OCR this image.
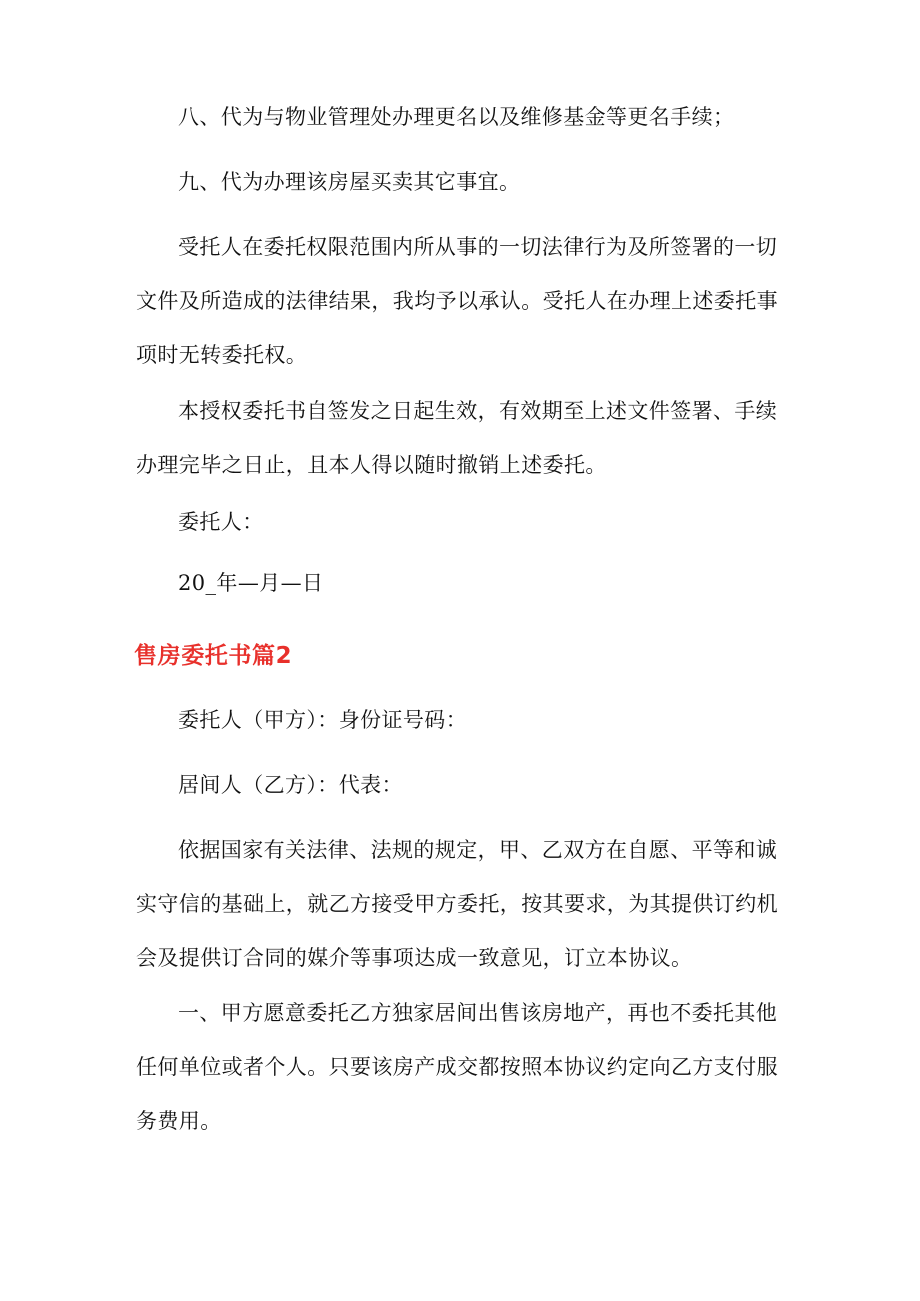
八、代为与物业管理处办理更名以及维修基金等更名手续；

九、代为办理该房屋买卖其它事宜。

受托人在委托权限范围内所从事的一切法律行为及所签署的一切
文件及所造成的法律结果，我均予以承认。受托人在办理上述委托事
项时无转委托权。

本授权委托书自签发之日起生效，有效期至上述文件签署、手续
办理完毕之日止，且本人得以随时撤销上述委托。

委托人：

20_年—月—日

售房委托书篇2

委托人（甲方）：身份证号码：

居间人（乙方）：代表：

依据国家有关法律、法规的规定，甲、乙双方在自愿、平等和诚
实守信的基础上，就乙方接受甲方委托，按其要求，为其提供订约机
会及提供订合同的媒介等事项达成一致意见，订立本协议。

一、甲方愿意委托乙方独家居间出售该房地产，再也不委托其他
任何单位或者个人。只要该房产成交都按照本协议约定向乙方支付服
务费用。
